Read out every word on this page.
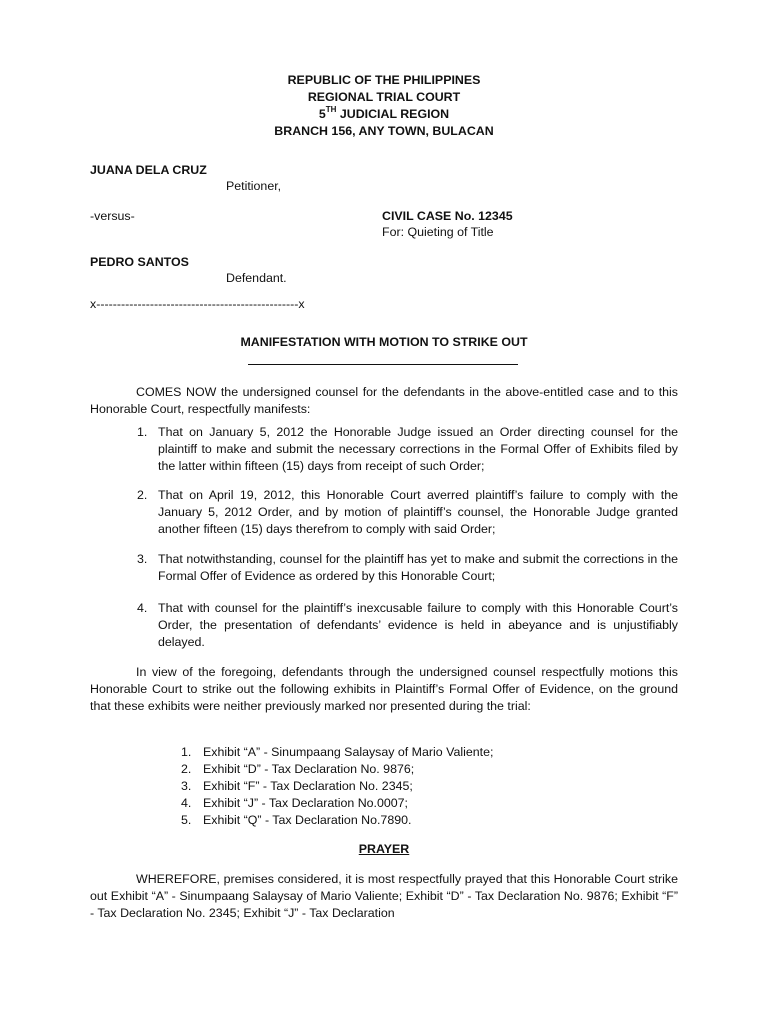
REPUBLIC OF THE PHILIPPINES
REGIONAL TRIAL COURT
5TH JUDICIAL REGION
BRANCH 156, ANY TOWN, BULACAN
JUANA DELA CRUZ
Petitioner,
-versus-	CIVIL CASE No. 12345
For: Quieting of Title
PEDRO SANTOS
Defendant.
x-------------------------------------------------x
MANIFESTATION WITH MOTION TO STRIKE OUT
COMES NOW the undersigned counsel for the defendants in the above-entitled case and to this Honorable Court, respectfully manifests:
1. That on January 5, 2012 the Honorable Judge issued an Order directing counsel for the plaintiff to make and submit the necessary corrections in the Formal Offer of Exhibits filed by the latter within fifteen (15) days from receipt of such Order;
2. That on April 19, 2012, this Honorable Court averred plaintiff’s failure to comply with the January 5, 2012 Order, and by motion of plaintiff’s counsel, the Honorable Judge granted another fifteen (15) days therefrom to comply with said Order;
3. That notwithstanding, counsel for the plaintiff has yet to make and submit the corrections in the Formal Offer of Evidence as ordered by this Honorable Court;
4. That with counsel for the plaintiff’s inexcusable failure to comply with this Honorable Court’s Order, the presentation of defendants’ evidence is held in abeyance and is unjustifiably delayed.
In view of the foregoing, defendants through the undersigned counsel respectfully motions this Honorable Court to strike out the following exhibits in Plaintiff’s Formal Offer of Evidence, on the ground that these exhibits were neither previously marked nor presented during the trial:
1. Exhibit “A” - Sinumpaang Salaysay of Mario Valiente;
2. Exhibit “D” - Tax Declaration No. 9876;
3. Exhibit “F” - Tax Declaration No. 2345;
4. Exhibit “J” - Tax Declaration No.0007;
5. Exhibit “Q” - Tax Declaration No.7890.
PRAYER
WHEREFORE, premises considered, it is most respectfully prayed that this Honorable Court strike out Exhibit “A” - Sinumpaang Salaysay of Mario Valiente; Exhibit “D” - Tax Declaration No. 9876; Exhibit “F” - Tax Declaration No. 2345; Exhibit “J” - Tax Declaration
